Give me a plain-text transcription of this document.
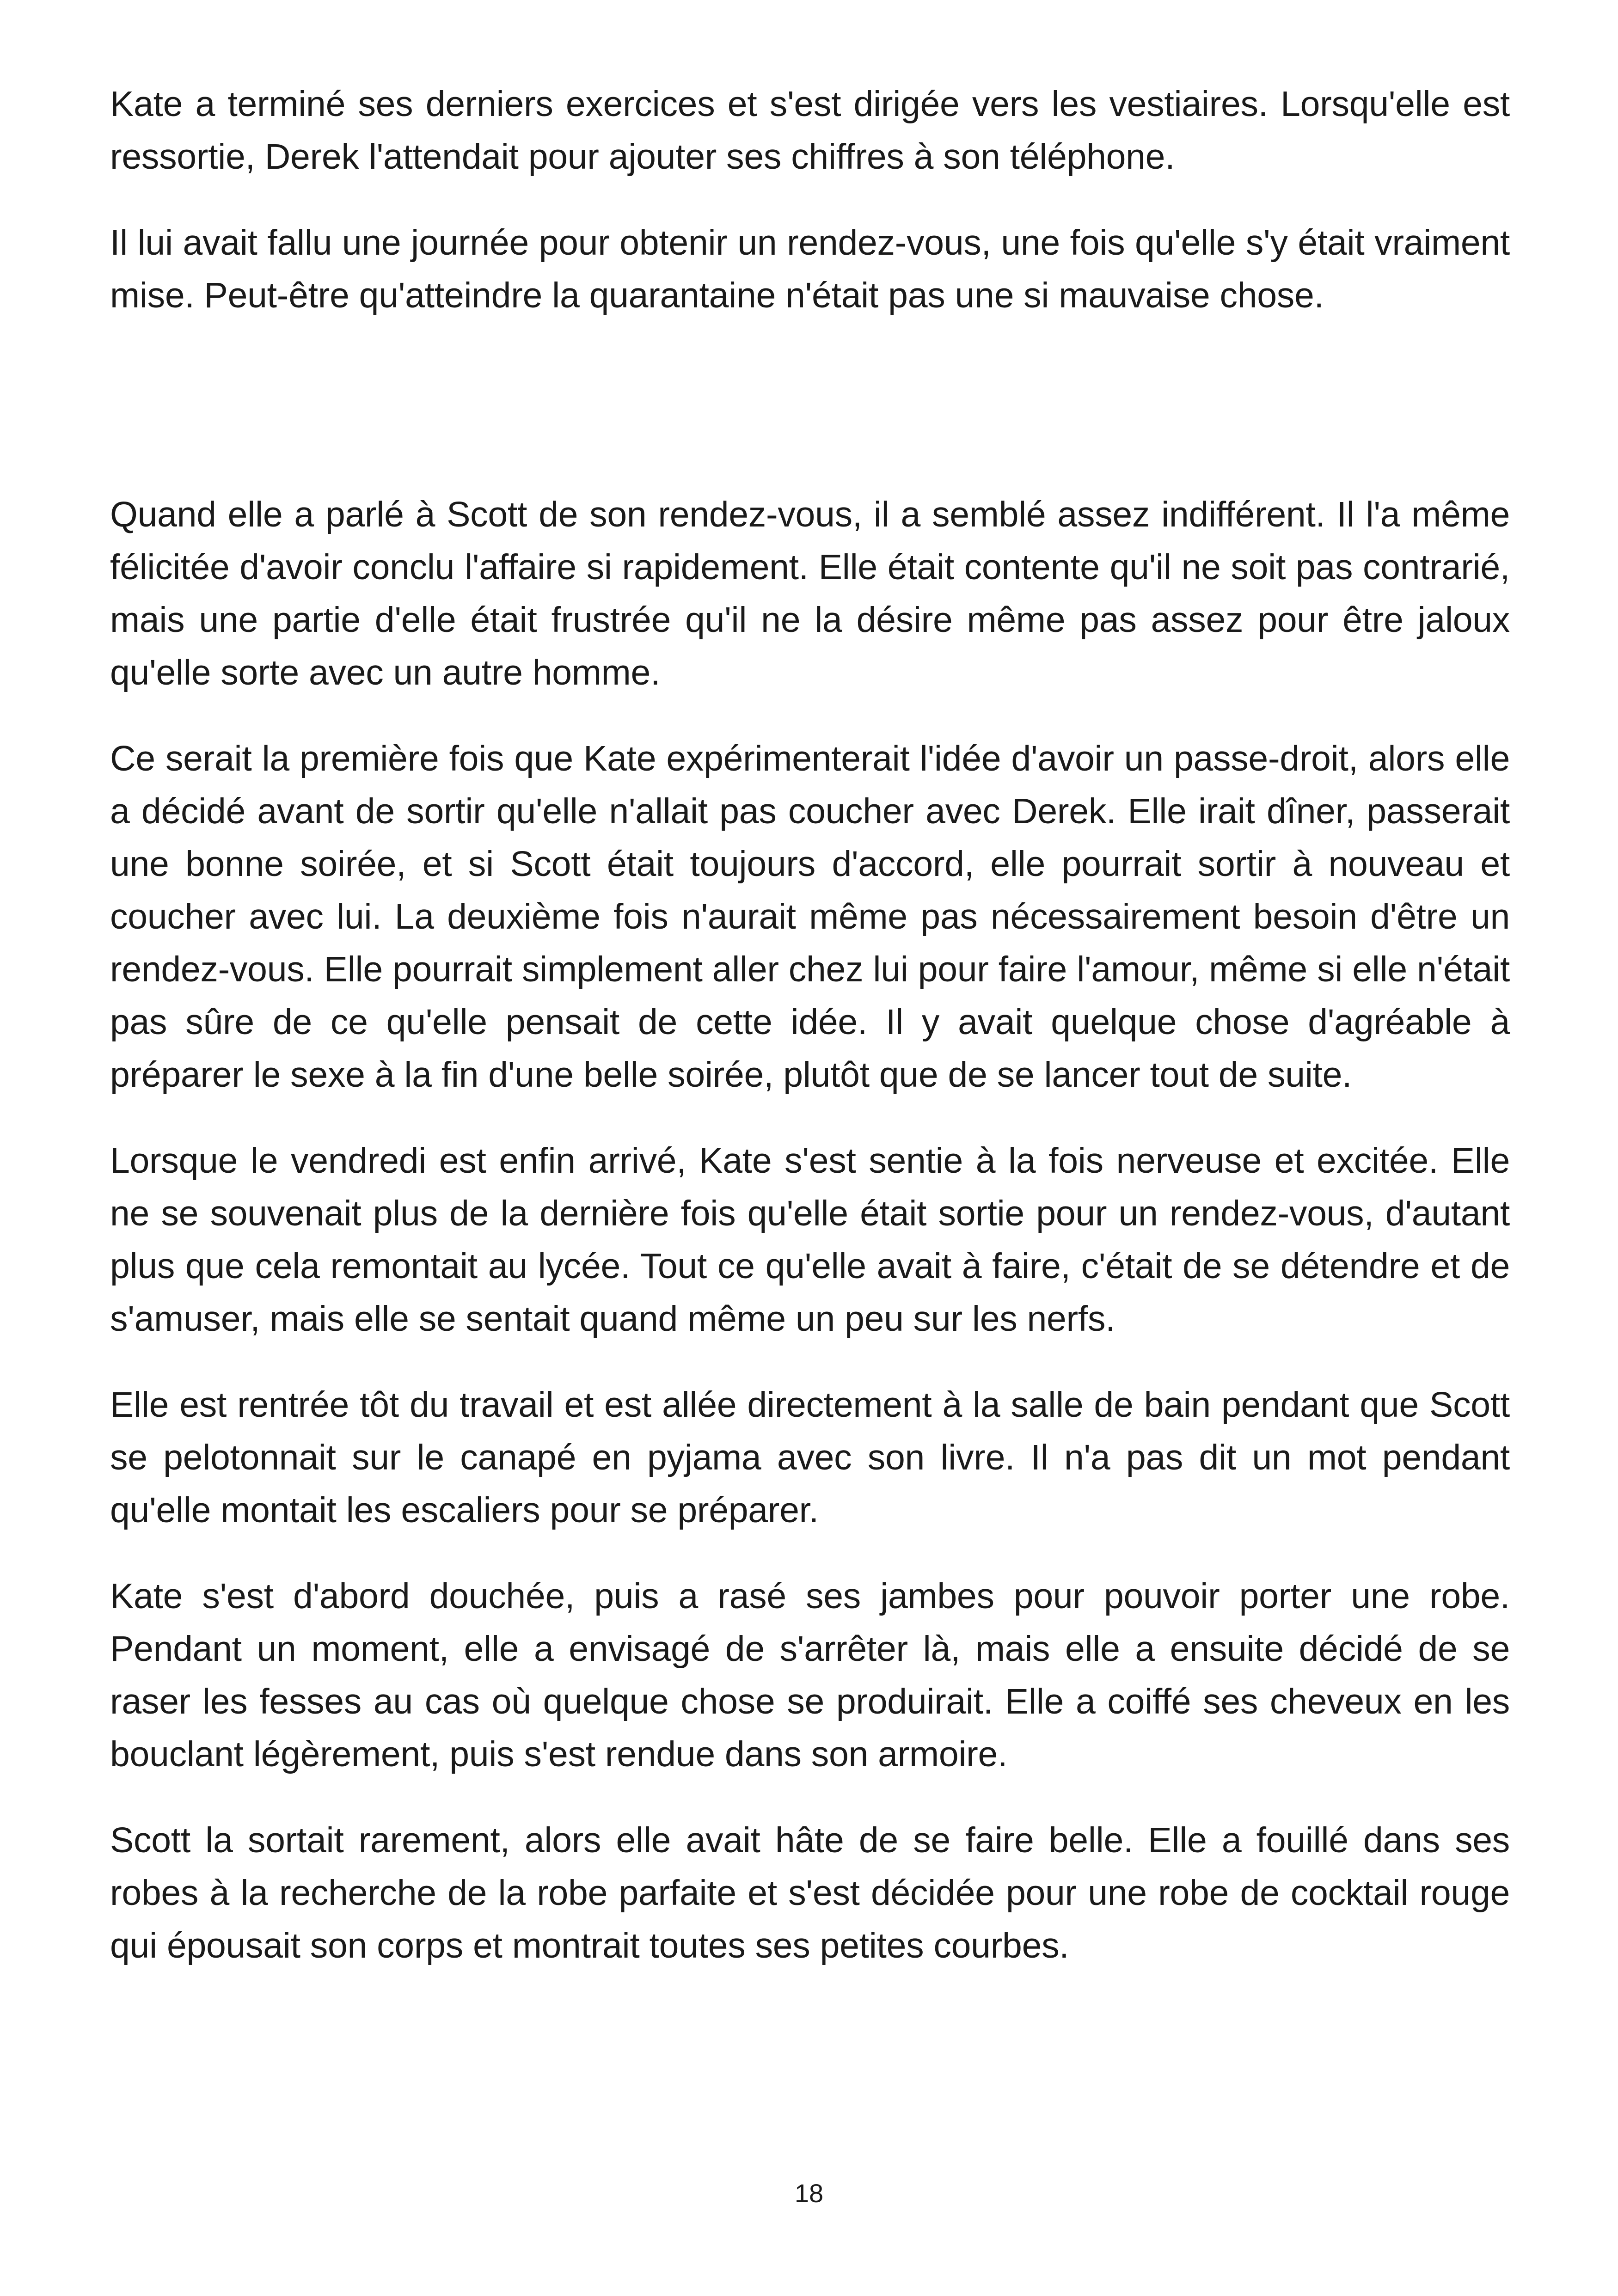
Kate a terminé ses derniers exercices et s'est dirigée vers les vestiaires. Lorsqu'elle est ressortie, Derek l'attendait pour ajouter ses chiffres à son téléphone.

Il lui avait fallu une journée pour obtenir un rendez-vous, une fois qu'elle s'y était vraiment mise. Peut-être qu'atteindre la quarantaine n'était pas une si mauvaise chose.

Quand elle a parlé à Scott de son rendez-vous, il a semblé assez indifférent. Il l'a même félicitée d'avoir conclu l'affaire si rapidement. Elle était contente qu'il ne soit pas contrarié, mais une partie d'elle était frustrée qu'il ne la désire même pas assez pour être jaloux qu'elle sorte avec un autre homme.

Ce serait la première fois que Kate expérimenterait l'idée d'avoir un passe-droit, alors elle a décidé avant de sortir qu'elle n'allait pas coucher avec Derek. Elle irait dîner, passerait une bonne soirée, et si Scott était toujours d'accord, elle pourrait sortir à nouveau et coucher avec lui. La deuxième fois n'aurait même pas nécessairement besoin d'être un rendez-vous. Elle pourrait simplement aller chez lui pour faire l'amour, même si elle n'était pas sûre de ce qu'elle pensait de cette idée. Il y avait quelque chose d'agréable à préparer le sexe à la fin d'une belle soirée, plutôt que de se lancer tout de suite.

Lorsque le vendredi est enfin arrivé, Kate s'est sentie à la fois nerveuse et excitée. Elle ne se souvenait plus de la dernière fois qu'elle était sortie pour un rendez-vous, d'autant plus que cela remontait au lycée. Tout ce qu'elle avait à faire, c'était de se détendre et de s'amuser, mais elle se sentait quand même un peu sur les nerfs.

Elle est rentrée tôt du travail et est allée directement à la salle de bain pendant que Scott se pelotonnait sur le canapé en pyjama avec son livre. Il n'a pas dit un mot pendant qu'elle montait les escaliers pour se préparer.

Kate s'est d'abord douchée, puis a rasé ses jambes pour pouvoir porter une robe. Pendant un moment, elle a envisagé de s'arrêter là, mais elle a ensuite décidé de se raser les fesses au cas où quelque chose se produirait. Elle a coiffé ses cheveux en les bouclant légèrement, puis s'est rendue dans son armoire.

Scott la sortait rarement, alors elle avait hâte de se faire belle. Elle a fouillé dans ses robes à la recherche de la robe parfaite et s'est décidée pour une robe de cocktail rouge qui épousait son corps et montrait toutes ses petites courbes.

18
